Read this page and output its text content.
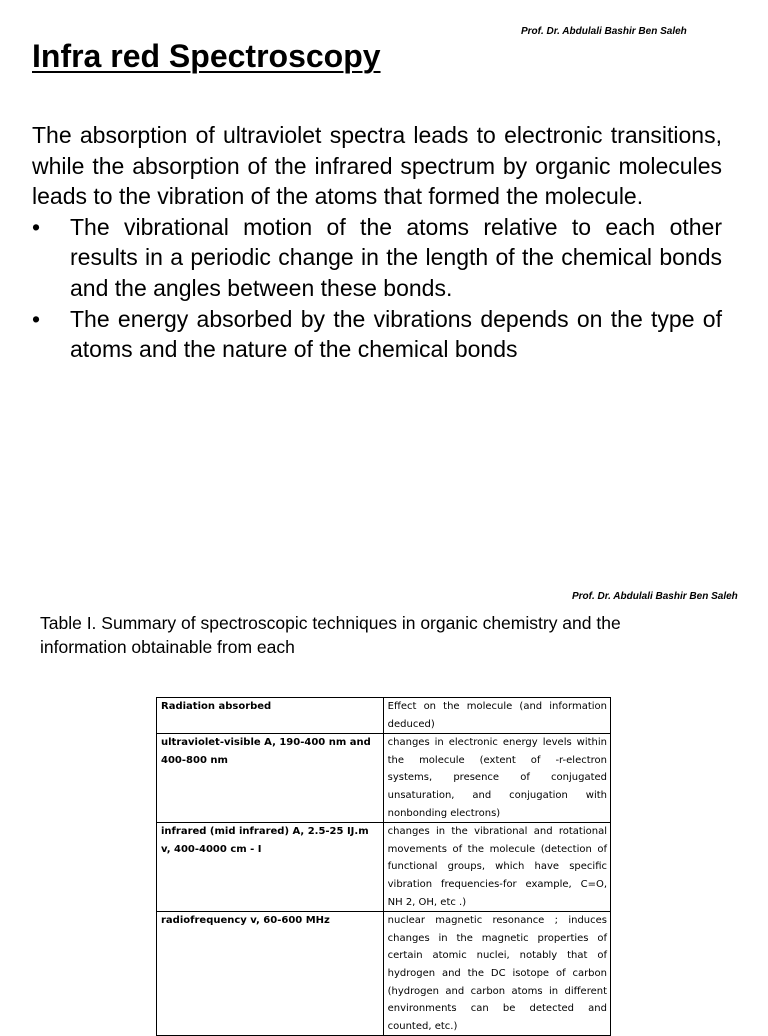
Prof. Dr. Abdulali Bashir Ben Saleh
Infra red Spectroscopy

The absorption of ultraviolet spectra leads to electronic transitions, while the absorption of the infrared spectrum by organic molecules leads to the vibration of the atoms that formed the molecule.

• The vibrational motion of the atoms relative to each other results in a periodic change in the length of the chemical bonds and the angles between these bonds.
• The energy absorbed by the vibrations depends on the type of atoms and the nature of the chemical bonds
Prof. Dr. Abdulali Bashir Ben Saleh

Table I. Summary of spectroscopic techniques in organic chemistry and the information obtainable from each

Radiation absorbed	Effect on the molecule (and information deduced)
ultraviolet-visible A, 190-400 nm and 400-800 nm	changes in electronic energy levels within the molecule (extent of -r-electron systems, presence of conjugated unsaturation, and conjugation with nonbonding electrons)
infrared (mid infrared) A, 2.5-25 IJ.m v, 400-4000 cm - I	changes in the vibrational and rotational movements of the molecule (detection of functional groups, which have specific vibration frequencies-for example, C=O, NH 2, OH, etc .)
radiofrequency v, 60-600 MHz	nuclear magnetic resonance ; induces changes in the magnetic properties of certain atomic nuclei, notably that of hydrogen and the DC isotope of carbon (hydrogen and carbon atoms in different environments can be detected and counted, etc.)
